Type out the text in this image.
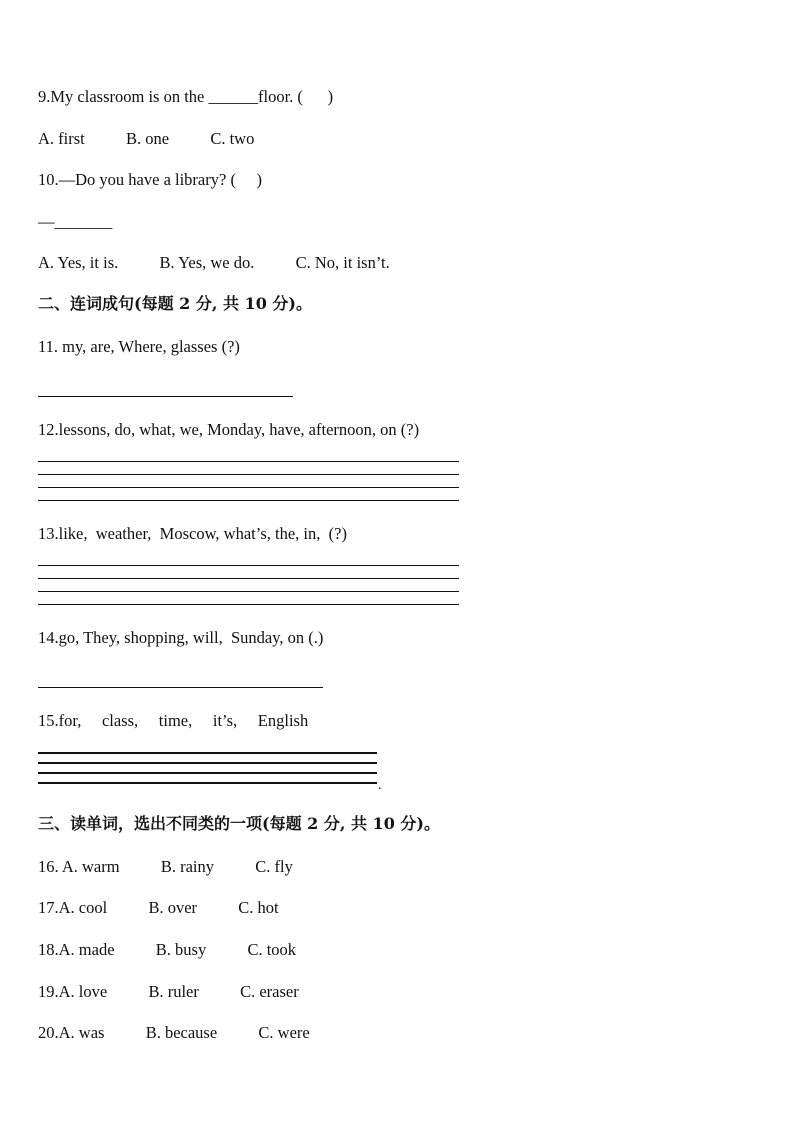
9.My classroom is on the ______floor. (      )
A. first          B. one          C. two
10.—Do you have a library? (     )
—_______
A. Yes, it is.          B. Yes, we do.          C. No, it isn’t.
二、连词成句(每题 2 分, 共 10 分)。
11. my, are, Where, glasses (?)
12.lessons, do, what, we, Monday, have, afternoon, on (?)
13.like,  weather,  Moscow, what’s, the, in,  (?)
14.go, They, shopping, will,  Sunday, on (.)
15.for,     class,     time,     it’s,     English
.
三、读单词，选出不同类的一项(每题 2 分, 共 10 分)。
16. A. warm          B. rainy          C. fly
17.A. cool          B. over          C. hot
18.A. made          B. busy          C. took
19.A. love          B. ruler          C. eraser
20.A. was          B. because          C. were
